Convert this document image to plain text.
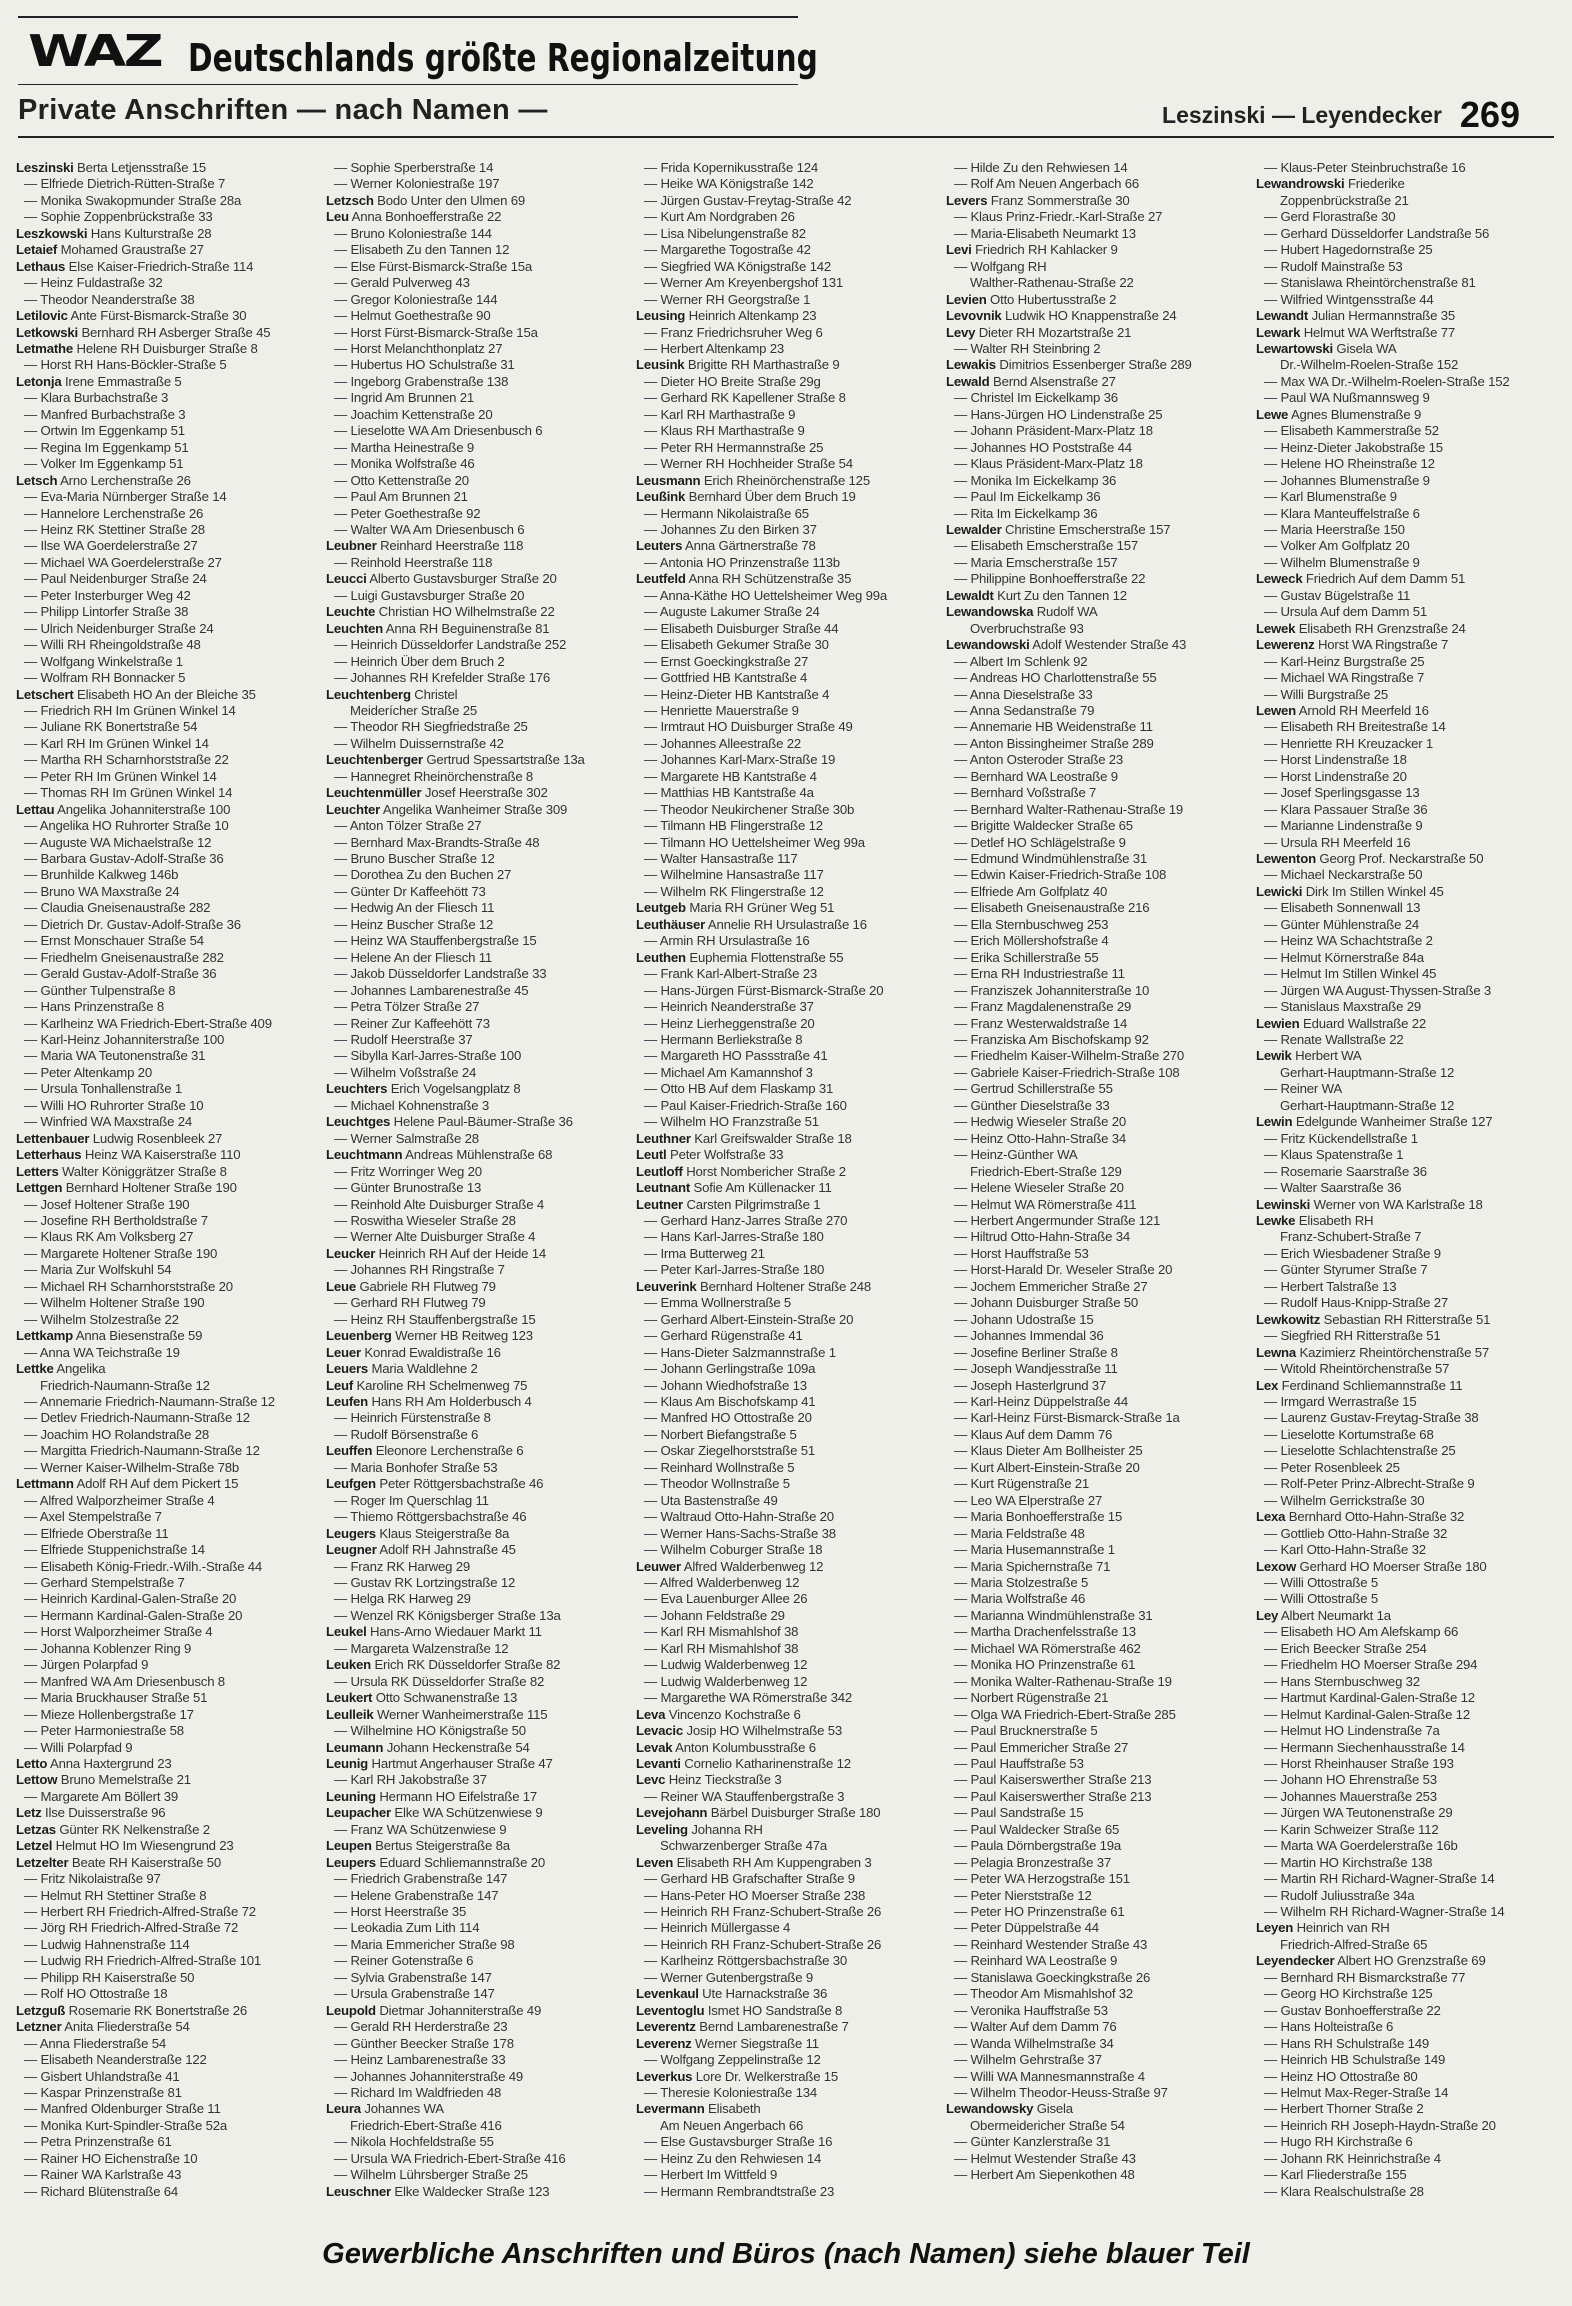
WAZ Deutschlands größte Regionalzeitung
Private Anschriften — nach Namen —	Leszinski — Leyendecker 269
Leszinski Berta Letjensstraße 15
— Elfriede Dietrich-Rütten-Straße 7
— Monika Swakopmunder Straße 28a
— Sophie Zoppenbrückstraße 33
Leszkowski Hans Kulturstraße 28
Letaief Mohamed Graustraße 27
Lethaus Else Kaiser-Friedrich-Straße 114
— Heinz Fuldastraße 32
— Theodor Neanderstraße 38
Letilovic Ante Fürst-Bismarck-Straße 30
Letkowski Bernhard RH Asberger Straße 45
Letmathe Helene RH Duisburger Straße 8
— Horst RH Hans-Böckler-Straße 5
Letonja Irene Emmastraße 5
— Klara Burbachstraße 3
— Manfred Burbachstraße 3
— Ortwin Im Eggenkamp 51
— Regina Im Eggenkamp 51
— Volker Im Eggenkamp 51
Letsch Arno Lerchenstraße 26
— Eva-Maria Nürnberger Straße 14
— Hannelore Lerchenstraße 26
— Heinz RK Stettiner Straße 28
— Ilse WA Goerdelerstraße 27
— Michael WA Goerdelerstraße 27
— Paul Neidenburger Straße 24
— Peter Insterburger Weg 42
— Philipp Lintorfer Straße 38
— Ulrich Neidenburger Straße 24
— Willi RH Rheingoldstraße 48
— Wolfgang Winkelstraße 1
— Wolfram RH Bonnacker 5
Letschert Elisabeth HO An der Bleiche 35
— Friedrich RH Im Grünen Winkel 14
— Juliane RK Bonertstraße 54
— Karl RH Im Grünen Winkel 14
— Martha RH Scharnhorststraße 22
— Peter RH Im Grünen Winkel 14
— Thomas RH Im Grünen Winkel 14
Lettau Angelika Johanniterstraße 100
— Angelika HO Ruhrorter Straße 10
— Auguste WA Michaelstraße 12
— Barbara Gustav-Adolf-Straße 36
— Brunhilde Kalkweg 146b
— Bruno WA Maxstraße 24
— Claudia Gneisenaustraße 282
— Dietrich Dr. Gustav-Adolf-Straße 36
— Ernst Monschauer Straße 54
— Friedhelm Gneisenaustraße 282
— Gerald Gustav-Adolf-Straße 36
— Günther Tulpenstraße 8
— Hans Prinzenstraße 8
— Karlheinz WA Friedrich-Ebert-Straße 409
— Karl-Heinz Johanniterstraße 100
— Maria WA Teutonenstraße 31
— Peter Altenkamp 20
— Ursula Tonhallenstraße 1
— Willi HO Ruhrorter Straße 10
— Winfried WA Maxstraße 24
Lettenbauer Ludwig Rosenbleek 27
Letterhaus Heinz WA Kaiserstraße 110
Letters Walter Königgrätzer Straße 8
Lettgen Bernhard Holtener Straße 190
— Josef Holtener Straße 190
— Josefine RH Bertholdstraße 7
— Klaus RK Am Volksberg 27
— Margarete Holtener Straße 190
— Maria Zur Wolfskuhl 54
— Michael RH Scharnhorststraße 20
— Wilhelm Holtener Straße 190
— Wilhelm Stolzestraße 22
Lettkamp Anna Biesenstraße 59
— Anna WA Teichstraße 19
Lettke Angelika
Friedrich-Naumann-Straße 12
— Annemarie Friedrich-Naumann-Straße 12
— Detlev Friedrich-Naumann-Straße 12
— Joachim HO Rolandstraße 28
— Margitta Friedrich-Naumann-Straße 12
— Werner Kaiser-Wilhelm-Straße 78b
Lettmann Adolf RH Auf dem Pickert 15
— Alfred Walporzheimer Straße 4
— Axel Stempelstraße 7
— Elfriede Oberstraße 11
— Elfriede Stuppenichstraße 14
— Elisabeth König-Friedr.-Wilh.-Straße 44
— Gerhard Stempelstraße 7
— Heinrich Kardinal-Galen-Straße 20
— Hermann Kardinal-Galen-Straße 20
— Horst Walporzheimer Straße 4
— Johanna Koblenzer Ring 9
— Jürgen Polarpfad 9
— Manfred WA Am Driesenbusch 8
— Maria Bruckhauser Straße 51
— Mieze Hollenbergstraße 17
— Peter Harmoniestraße 58
— Willi Polarpfad 9
Letto Anna Haxtergrund 23
Lettow Bruno Memelstraße 21
— Margarete Am Böllert 39
Letz Ilse Duisserstraße 96
Letzas Günter RK Nelkenstraße 2
Letzel Helmut HO Im Wiesengrund 23
Letzelter Beate RH Kaiserstraße 50
— Fritz Nikolaistraße 97
— Helmut RH Stettiner Straße 8
— Herbert RH Friedrich-Alfred-Straße 72
— Jörg RH Friedrich-Alfred-Straße 72
— Ludwig Hahnenstraße 114
— Ludwig RH Friedrich-Alfred-Straße 101
— Philipp RH Kaiserstraße 50
— Rolf HO Ottostraße 18
Letzguß Rosemarie RK Bonertstraße 26
Letzner Anita Fliederstraße 54
— Anna Fliederstraße 54
— Elisabeth Neanderstraße 122
— Gisbert Uhlandstraße 41
— Kaspar Prinzenstraße 81
— Manfred Oldenburger Straße 11
— Monika Kurt-Spindler-Straße 52a
— Petra Prinzenstraße 61
— Rainer HO Eichenstraße 10
— Rainer WA Karlstraße 43
— Richard Blütenstraße 64
— Sophie Sperberstraße 14
— Werner Koloniestraße 197
Letzsch Bodo Unter den Ulmen 69
Leu Anna Bonhoefferstraße 22
— Bruno Koloniestraße 144
— Elisabeth Zu den Tannen 12
— Else Fürst-Bismarck-Straße 15a
— Gerald Pulverweg 43
— Gregor Koloniestraße 144
— Helmut Goethestraße 90
— Horst Fürst-Bismarck-Straße 15a
— Horst Melanchthonplatz 27
— Hubertus HO Schulstraße 31
— Ingeborg Grabenstraße 138
— Ingrid Am Brunnen 21
— Joachim Kettenstraße 20
— Lieselotte WA Am Driesenbusch 6
— Martha Heinestraße 9
— Monika Wolfstraße 46
— Otto Kettenstraße 20
— Paul Am Brunnen 21
— Peter Goethestraße 92
— Walter WA Am Driesenbusch 6
Leubner Reinhard Heerstraße 118
— Reinhold Heerstraße 118
Leucci Alberto Gustavsburger Straße 20
— Luigi Gustavsburger Straße 20
Leuchte Christian HO Wilhelmstraße 22
Leuchten Anna RH Beguinenstraße 81
— Heinrich Düsseldorfer Landstraße 252
— Heinrich Über dem Bruch 2
— Johannes RH Krefelder Straße 176
Leuchtenberg Christel
Meiderícher Straße 25
— Theodor RH Siegfriedstraße 25
— Wilhelm Duissernstraße 42
Leuchtenberger Gertrud Spessartstraße 13a
— Hannegret Rheinörchenstraße 8
Leuchtenmüller Josef Heerstraße 302
Leuchter Angelika Wanheimer Straße 309
— Anton Tölzer Straße 27
— Bernhard Max-Brandts-Straße 48
— Bruno Buscher Straße 12
— Dorothea Zu den Buchen 27
— Günter Dr Kaffeehött 73
— Hedwig An der Fliesch 11
— Heinz Buscher Straße 12
— Heinz WA Stauffenbergstraße 15
— Helene An der Fliesch 11
— Jakob Düsseldorfer Landstraße 33
— Johannes Lambarenestraße 45
— Petra Tölzer Straße 27
— Reiner Zur Kaffeehött 73
— Rudolf Heerstraße 37
— Sibylla Karl-Jarres-Straße 100
— Wilhelm Voßstraße 24
Leuchters Erich Vogelsangplatz 8
— Michael Kohnenstraße 3
Leuchtges Helene Paul-Bäumer-Straße 36
— Werner Salmstraße 28
Leuchtmann Andreas Mühlenstraße 68
— Fritz Worringer Weg 20
— Günter Brunostraße 13
— Reinhold Alte Duisburger Straße 4
— Roswitha Wieseler Straße 28
— Werner Alte Duisburger Straße 4
Leucker Heinrich RH Auf der Heide 14
— Johannes RH Ringstraße 7
Leue Gabriele RH Flutweg 79
— Gerhard RH Flutweg 79
— Heinz RH Stauffenbergstraße 15
Leuenberg Werner HB Reitweg 123
Leuer Konrad Ewaldistraße 16
Leuers Maria Waldlehne 2
Leuf Karoline RH Schelmenweg 75
Leufen Hans RH Am Holderbusch 4
— Heinrich Fürstenstraße 8
— Rudolf Börsenstraße 6
Leuffen Eleonore Lerchenstraße 6
— Maria Bonhofer Straße 53
Leufgen Peter Röttgersbachstraße 46
— Roger Im Querschlag 11
— Thiemo Röttgersbachstraße 46
Leugers Klaus Steigerstraße 8a
Leugner Adolf RH Jahnstraße 45
— Franz RK Harweg 29
— Gustav RK Lortzingstraße 12
— Helga RK Harweg 29
— Wenzel RK Königsberger Straße 13a
Leukel Hans-Arno Wiedauer Markt 11
— Margareta Walzenstraße 12
Leuken Erich RK Düsseldorfer Straße 82
— Ursula RK Düsseldorfer Straße 82
Leukert Otto Schwanenstraße 13
Leulleik Werner Wanheimerstraße 115
— Wilhelmine HO Königstraße 50
Leumann Johann Heckenstraße 54
Leunig Hartmut Angerhauser Straße 47
— Karl RH Jakobstraße 37
Leuning Hermann HO Eifelstraße 17
Leupacher Elke WA Schützenwiese 9
— Franz WA Schützenwiese 9
Leupen Bertus Steigerstraße 8a
Leupers Eduard Schliemannstraße 20
— Friedrich Grabenstraße 147
— Helene Grabenstraße 147
— Horst Heerstraße 35
— Leokadia Zum Lith 114
— Maria Emmericher Straße 98
— Reiner Gotenstraße 6
— Sylvia Grabenstraße 147
— Ursula Grabenstraße 147
Leupold Dietmar Johanniterstraße 49
— Gerald RH Herderstraße 23
— Günther Beecker Straße 178
— Heinz Lambarenestraße 33
— Johannes Johanniterstraße 49
— Richard Im Waldfrieden 48
Leura Johannes WA
Friedrich-Ebert-Straße 416
— Nikola Hochfeldstraße 55
— Ursula WA Friedrich-Ebert-Straße 416
— Wilhelm Lührsberger Straße 25
Leuschner Elke Waldecker Straße 123
— Frida Kopernikusstraße 124
— Heike WA Königstraße 142
— Jürgen Gustav-Freytag-Straße 42
— Kurt Am Nordgraben 26
— Lisa Nibelungenstraße 82
— Margarethe Togostraße 42
— Siegfried WA Königstraße 142
— Werner Am Kreyenbergshof 131
— Werner RH Georgstraße 1
Leusing Heinrich Altenkamp 23
— Franz Friedrichsruher Weg 6
— Herbert Altenkamp 23
Leusink Brigitte RH Marthastraße 9
— Dieter HO Breite Straße 29g
— Gerhard RK Kapellener Straße 8
— Karl RH Marthastraße 9
— Klaus RH Marthastraße 9
— Peter RH Hermannstraße 25
— Werner RH Hochheider Straße 54
Leusmann Erich Rheinörchenstraße 125
Leußink Bernhard Über dem Bruch 19
— Hermann Nikolaistraße 65
— Johannes Zu den Birken 37
Leuters Anna Gärtnerstraße 78
— Antonia HO Prinzenstraße 113b
Leutfeld Anna RH Schützenstraße 35
— Anna-Käthe HO Uettelsheimer Weg 99a
— Auguste Lakumer Straße 24
— Elisabeth Duisburger Straße 44
— Elisabeth Gekumer Straße 30
— Ernst Goeckingkstraße 27
— Gottfried HB Kantstraße 4
— Heinz-Dieter HB Kantstraße 4
— Henriette Mauerstraße 9
— Irmtraut HO Duisburger Straße 49
— Johannes Alleestraße 22
— Johannes Karl-Marx-Straße 19
— Margarete HB Kantstraße 4
— Matthias HB Kantstraße 4a
— Theodor Neukirchener Straße 30b
— Tilmann HB Flingerstraße 12
— Tilmann HO Uettelsheimer Weg 99a
— Walter Hansastraße 117
— Wilhelmine Hansastraße 117
— Wilhelm RK Flingerstraße 12
Leutgeb Maria RH Grüner Weg 51
Leuthäuser Annelie RH Ursulastraße 16
— Armin RH Ursulastraße 16
Leuthen Euphemia Flottenstraße 55
— Frank Karl-Albert-Straße 23
— Hans-Jürgen Fürst-Bismarck-Straße 20
— Heinrich Neanderstraße 37
— Heinz Lierheggenstraße 20
— Hermann Berliekstraße 8
— Margareth HO Passstraße 41
— Michael Am Kamannshof 3
— Otto HB Auf dem Flaskamp 31
— Paul Kaiser-Friedrich-Straße 160
— Wilhelm HO Franzstraße 51
Leuthner Karl Greifswalder Straße 18
Leutl Peter Wolfstraße 33
Leutloff Horst Nombericher Straße 2
Leutnant Sofie Am Küllenacker 11
Leutner Carsten Pilgrimstraße 1
— Gerhard Hanz-Jarres Straße 270
— Hans Karl-Jarres-Straße 180
— Irma Butterweg 21
— Peter Karl-Jarres-Straße 180
Leuverink Bernhard Holtener Straße 248
— Emma Wollnerstraße 5
— Gerhard Albert-Einstein-Straße 20
— Gerhard Rügenstraße 41
— Hans-Dieter Salzmannstraße 1
— Johann Gerlingstraße 109a
— Johann Wiedhofstraße 13
— Klaus Am Bischofskamp 41
— Manfred HO Ottostraße 20
— Norbert Biefangstraße 5
— Oskar Ziegelhorststraße 51
— Reinhard Wollnstraße 5
— Theodor Wollnstraße 5
— Uta Bastenstraße 49
— Waltraud Otto-Hahn-Straße 20
— Werner Hans-Sachs-Straße 38
— Wilhelm Coburger Straße 18
Leuwer Alfred Walderbenweg 12
— Alfred Walderbenweg 12
— Eva Lauenburger Allee 26
— Johann Feldstraße 29
— Karl RH Mismahlshof 38
— Karl RH Mismahlshof 38
— Ludwig Walderbenweg 12
— Ludwig Walderbenweg 12
— Margarethe WA Römerstraße 342
Leva Vincenzo Kochstraße 6
Levacic Josip HO Wilhelmstraße 53
Levak Anton Kolumbusstraße 6
Levanti Cornelio Katharinenstraße 12
Levc Heinz Tieckstraße 3
— Reiner WA Stauffenbergstraße 3
Levejohann Bärbel Duisburger Straße 180
Leveling Johanna RH
Schwarzenberger Straße 47a
Leven Elisabeth RH Am Kuppengraben 3
— Gerhard HB Grafschafter Straße 9
— Hans-Peter HO Moerser Straße 238
— Heinrich RH Franz-Schubert-Straße 26
— Heinrich Müllergasse 4
— Heinrich RH Franz-Schubert-Straße 26
— Karlheinz Röttgersbachstraße 30
— Werner Gutenbergstraße 9
Levenkaul Ute Harnackstraße 36
Leventoglu Ismet HO Sandstraße 8
Leverentz Bernd Lambarenestraße 7
Leverenz Werner Siegstraße 11
— Wolfgang Zeppelinstraße 12
Leverkus Lore Dr. Welkerstraße 15
— Theresie Koloniestraße 134
Levermann Elisabeth
Am Neuen Angerbach 66
— Else Gustavsburger Straße 16
— Heinz Zu den Rehwiesen 14
— Herbert Im Wittfeld 9
— Hermann Rembrandtstraße 23
— Hilde Zu den Rehwiesen 14
— Rolf Am Neuen Angerbach 66
Levers Franz Sommerstraße 30
— Klaus Prinz-Friedr.-Karl-Straße 27
— Maria-Elisabeth Neumarkt 13
Levi Friedrich RH Kahlacker 9
— Wolfgang RH
Walther-Rathenau-Straße 22
Levien Otto Hubertusstraße 2
Levovnik Ludwik HO Knappenstraße 24
Levy Dieter RH Mozartstraße 21
— Walter RH Steinbring 2
Lewakis Dimitrios Essenberger Straße 289
Lewald Bernd Alsenstraße 27
— Christel Im Eickelkamp 36
— Hans-Jürgen HO Lindenstraße 25
— Johann Präsident-Marx-Platz 18
— Johannes HO Poststraße 44
— Klaus Präsident-Marx-Platz 18
— Monika Im Eickelkamp 36
— Paul Im Eickelkamp 36
— Rita Im Eickelkamp 36
Lewalder Christine Emscherstraße 157
— Elisabeth Emscherstraße 157
— Maria Emscherstraße 157
— Philippine Bonhoefferstraße 22
Lewaldt Kurt Zu den Tannen 12
Lewandowska Rudolf WA
Overbruchstraße 93
Lewandowski Adolf Westender Straße 43
— Albert Im Schlenk 92
— Andreas HO Charlottenstraße 55
— Anna Dieselstraße 33
— Anna Sedanstraße 79
— Annemarie HB Weidenstraße 11
— Anton Bissingheimer Straße 289
— Anton Osteroder Straße 23
— Bernhard WA Leostraße 9
— Bernhard Voßstraße 7
— Bernhard Walter-Rathenau-Straße 19
— Brigitte Waldecker Straße 65
— Detlef HO Schlägelstraße 9
— Edmund Windmühlenstraße 31
— Edwin Kaiser-Friedrich-Straße 108
— Elfriede Am Golfplatz 40
— Elisabeth Gneisenaustraße 216
— Ella Sternbuschweg 253
— Erich Möllershofstraße 4
— Erika Schillerstraße 55
— Erna RH Industriestraße 11
— Franziszek Johanniterstraße 10
— Franz Magdalenenstraße 29
— Franz Westerwaldstraße 14
— Franziska Am Bischofskamp 92
— Friedhelm Kaiser-Wilhelm-Straße 270
— Gabriele Kaiser-Friedrich-Straße 108
— Gertrud Schillerstraße 55
— Günther Dieselstraße 33
— Hedwig Wieseler Straße 20
— Heinz Otto-Hahn-Straße 34
— Heinz-Günther WA
Friedrich-Ebert-Straße 129
— Helene Wieseler Straße 20
— Helmut WA Römerstraße 411
— Herbert Angermunder Straße 121
— Hiltrud Otto-Hahn-Straße 34
— Horst Hauffstraße 53
— Horst-Harald Dr. Weseler Straße 20
— Jochem Emmericher Straße 27
— Johann Duisburger Straße 50
— Johann Udostraße 15
— Johannes Immendal 36
— Josefine Berliner Straße 8
— Joseph Wandjesstraße 11
— Joseph Hasterlgrund 37
— Karl-Heinz Düppelstraße 44
— Karl-Heinz Fürst-Bismarck-Straße 1a
— Klaus Auf dem Damm 76
— Klaus Dieter Am Bollheister 25
— Kurt Albert-Einstein-Straße 20
— Kurt Rügenstraße 21
— Leo WA Elperstraße 27
— Maria Bonhoefferstraße 15
— Maria Feldstraße 48
— Maria Husemannstraße 1
— Maria Spichernstraße 71
— Maria Stolzestraße 5
— Maria Wolfstraße 46
— Marianna Windmühlenstraße 31
— Martha Drachenfelsstraße 13
— Michael WA Römerstraße 462
— Monika HO Prinzenstraße 61
— Monika Walter-Rathenau-Straße 19
— Norbert Rügenstraße 21
— Olga WA Friedrich-Ebert-Straße 285
— Paul Brucknerstraße 5
— Paul Emmericher Straße 27
— Paul Hauffstraße 53
— Paul Kaiserswerther Straße 213
— Paul Kaiserswerther Straße 213
— Paul Sandstraße 15
— Paul Waldecker Straße 65
— Paula Dörnbergstraße 19a
— Pelagia Bronzestraße 37
— Peter WA Herzogstraße 151
— Peter Nierststraße 12
— Peter HO Prinzenstraße 61
— Peter Düppelstraße 44
— Reinhard Westender Straße 43
— Reinhard WA Leostraße 9
— Stanislawa Goeckingkstraße 26
— Theodor Am Mismahlshof 32
— Veronika Hauffstraße 53
— Walter Auf dem Damm 76
— Wanda Wilhelmstraße 34
— Wilhelm Gehrstraße 37
— Willi WA Mannesmannstraße 4
— Wilhelm Theodor-Heuss-Straße 97
Lewandowsky Gisela
Obermeidericher Straße 54
— Günter Kanzlerstraße 31
— Helmut Westender Straße 43
— Herbert Am Siepenkothen 48
— Klaus-Peter Steinbruchstraße 16
Lewandrowski Friederike
Zoppenbrückstraße 21
— Gerd Florastraße 30
— Gerhard Düsseldorfer Landstraße 56
— Hubert Hagedornstraße 25
— Rudolf Mainstraße 53
— Stanislawa Rheintörchenstraße 81
— Wilfried Wintgensstraße 44
Lewandt Julian Hermannstraße 35
Lewark Helmut WA Werftstraße 77
Lewartowski Gisela WA
Dr.-Wilhelm-Roelen-Straße 152
— Max WA Dr.-Wilhelm-Roelen-Straße 152
— Paul WA Nußmannsweg 9
Lewe Agnes Blumenstraße 9
— Elisabeth Kammerstraße 52
— Heinz-Dieter Jakobstraße 15
— Helene HO Rheinstraße 12
— Johannes Blumenstraße 9
— Karl Blumenstraße 9
— Klara Manteuffelstraße 6
— Maria Heerstraße 150
— Volker Am Golfplatz 20
— Wilhelm Blumenstraße 9
Leweck Friedrich Auf dem Damm 51
— Gustav Bügelstraße 11
— Ursula Auf dem Damm 51
Lewek Elisabeth RH Grenzstraße 24
Lewerenz Horst WA Ringstraße 7
— Karl-Heinz Burgstraße 25
— Michael WA Ringstraße 7
— Willi Burgstraße 25
Lewen Arnold RH Meerfeld 16
— Elisabeth RH Breitestraße 14
— Henriette RH Kreuzacker 1
— Horst Lindenstraße 18
— Horst Lindenstraße 20
— Josef Sperlingsgasse 13
— Klara Passauer Straße 36
— Marianne Lindenstraße 9
— Ursula RH Meerfeld 16
Lewenton Georg Prof. Neckarstraße 50
— Michael Neckarstraße 50
Lewicki Dirk Im Stillen Winkel 45
— Elisabeth Sonnenwall 13
— Günter Mühlenstraße 24
— Heinz WA Schachtstraße 2
— Helmut Körnerstraße 84a
— Helmut Im Stillen Winkel 45
— Jürgen WA August-Thyssen-Straße 3
— Stanislaus Maxstraße 29
Lewien Eduard Wallstraße 22
— Renate Wallstraße 22
Lewik Herbert WA
Gerhart-Hauptmann-Straße 12
— Reiner WA
Gerhart-Hauptmann-Straße 12
Lewin Edelgunde Wanheimer Straße 127
— Fritz Kückendellstraße 1
— Klaus Spatenstraße 1
— Rosemarie Saarstraße 36
— Walter Saarstraße 36
Lewinski Werner von WA Karlstraße 18
Lewke Elisabeth RH
Franz-Schubert-Straße 7
— Erich Wiesbadener Straße 9
— Günter Styrumer Straße 7
— Herbert Talstraße 13
— Rudolf Haus-Knipp-Straße 27
Lewkowitz Sebastian RH Ritterstraße 51
— Siegfried RH Ritterstraße 51
Lewna Kazimierz Rheintörchenstraße 57
— Witold Rheintörchenstraße 57
Lex Ferdinand Schliemannstraße 11
— Irmgard Werrastraße 15
— Laurenz Gustav-Freytag-Straße 38
— Lieselotte Kortumstraße 68
— Lieselotte Schlachtenstraße 25
— Peter Rosenbleek 25
— Rolf-Peter Prinz-Albrecht-Straße 9
— Wilhelm Gerrickstraße 30
Lexa Bernhard Otto-Hahn-Straße 32
— Gottlieb Otto-Hahn-Straße 32
— Karl Otto-Hahn-Straße 32
Lexow Gerhard HO Moerser Straße 180
— Willi Ottostraße 5
— Willi Ottostraße 5
Ley Albert Neumarkt 1a
— Elisabeth HO Am Alefskamp 66
— Erich Beecker Straße 254
— Friedhelm HO Moerser Straße 294
— Hans Sternbuschweg 32
— Hartmut Kardinal-Galen-Straße 12
— Helmut Kardinal-Galen-Straße 12
— Helmut HO Lindenstraße 7a
— Hermann Siechenhausstraße 14
— Horst Rheinhauser Straße 193
— Johann HO Ehrenstraße 53
— Johannes Mauerstraße 253
— Jürgen WA Teutonenstraße 29
— Karin Schweizer Straße 112
— Marta WA Goerdelerstraße 16b
— Martin HO Kirchstraße 138
— Martin RH Richard-Wagner-Straße 14
— Rudolf Juliusstraße 34a
— Wilhelm RH Richard-Wagner-Straße 14
Leyen Heinrich van RH
Friedrich-Alfred-Straße 65
Leyendecker Albert HO Grenzstraße 69
— Bernhard RH Bismarckstraße 77
— Georg HO Kirchstraße 125
— Gustav Bonhoefferstraße 22
— Hans Holteistraße 6
— Hans RH Schulstraße 149
— Heinrich HB Schulstraße 149
— Heinz HO Ottostraße 80
— Helmut Max-Reger-Straße 14
— Herbert Thorner Straße 2
— Heinrich RH Joseph-Haydn-Straße 20
— Hugo RH Kirchstraße 6
— Johann RK Heinrichstraße 4
— Karl Fliederstraße 155
— Klara Realschulstraße 28
Gewerbliche Anschriften und Büros (nach Namen) siehe blauer Teil
